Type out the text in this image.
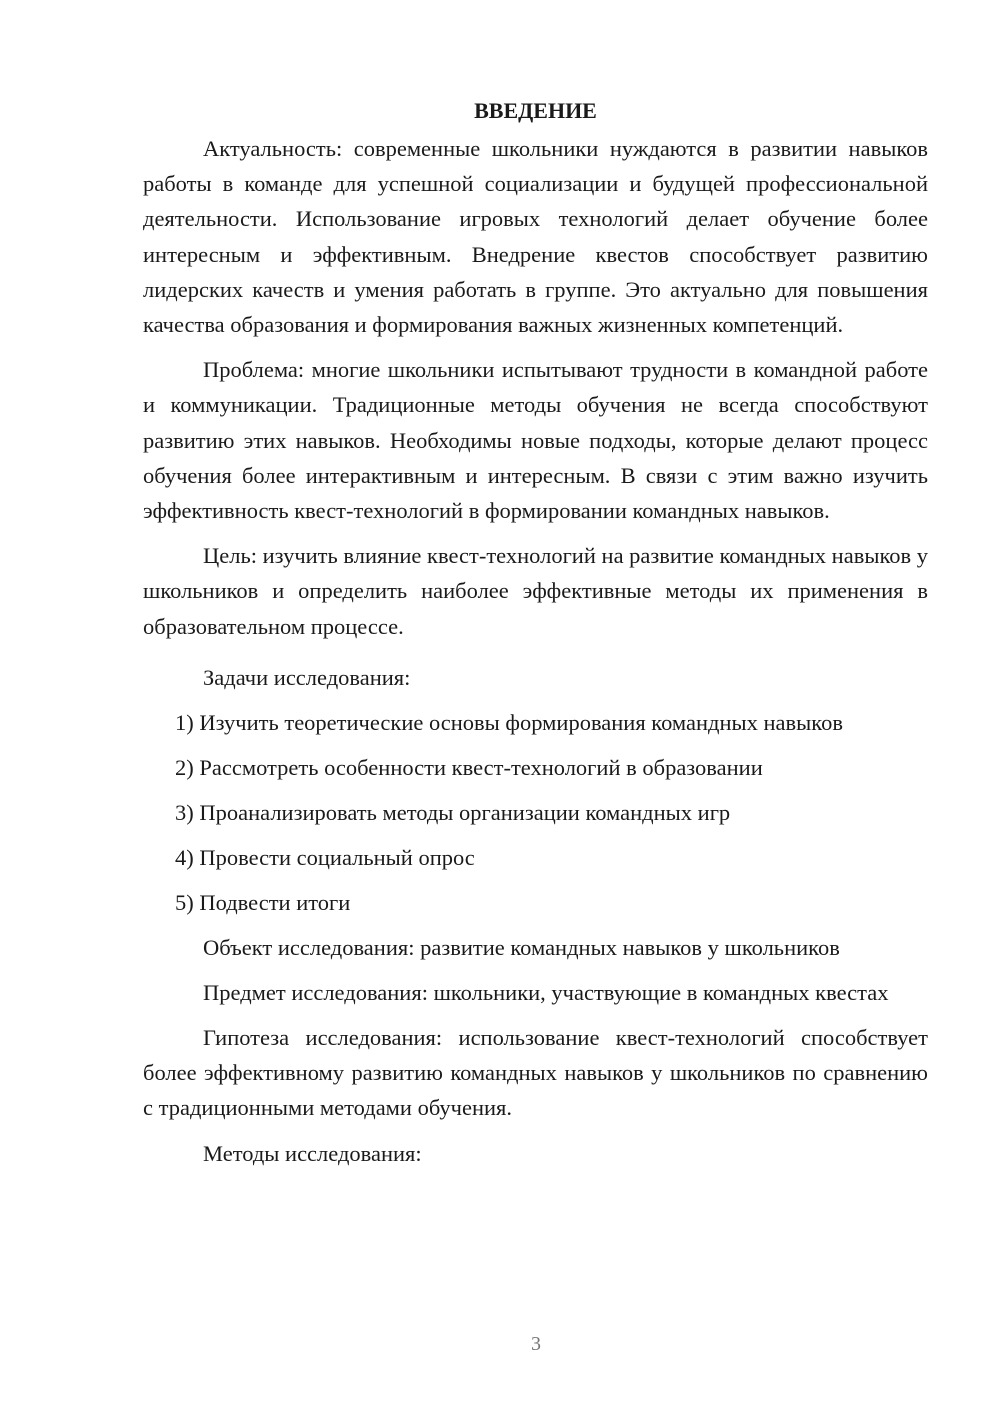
ВВЕДЕНИЕ

Актуальность: современные школьники нуждаются в развитии навыков работы в команде для успешной социализации и будущей профессиональной деятельности. Использование игровых технологий делает обучение более интересным и эффективным. Внедрение квестов способствует развитию лидерских качеств и умения работать в группе. Это актуально для повышения качества образования и формирования важных жизненных компетенций.

Проблема: многие школьники испытывают трудности в командной работе и коммуникации. Традиционные методы обучения не всегда способствуют развитию этих навыков. Необходимы новые подходы, которые делают процесс обучения более интерактивным и интересным. В связи с этим важно изучить эффективность квест-технологий в формировании командных навыков.

Цель: изучить влияние квест-технологий на развитие командных навыков у школьников и определить наиболее эффективные методы их применения в образовательном процессе.

Задачи исследования:
1) Изучить теоретические основы формирования командных навыков
2) Рассмотреть особенности квест-технологий в образовании
3) Проанализировать методы организации командных игр
4) Провести социальный опрос
5) Подвести итоги
Объект исследования: развитие командных навыков у школьников

Предмет исследования: школьники, участвующие в командных квестах

Гипотеза исследования: использование квест-технологий способствует более эффективному развитию командных навыков у школьников по сравнению с традиционными методами обучения.

Методы исследования:
3
